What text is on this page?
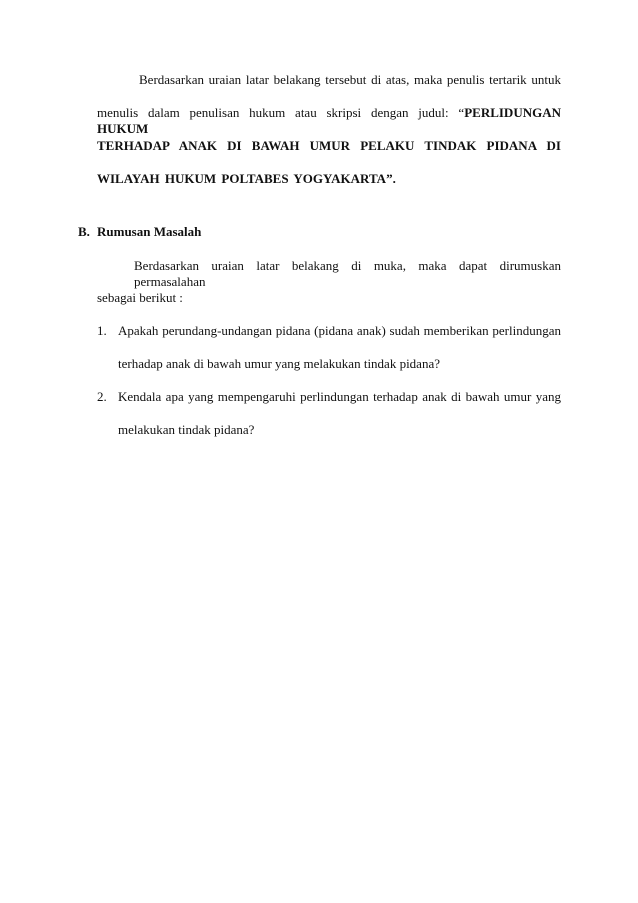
Berdasarkan uraian latar belakang tersebut di atas, maka penulis tertarik untuk
menulis dalam penulisan hukum atau skripsi dengan judul: “PERLIDUNGAN HUKUM
TERHADAP ANAK DI BAWAH UMUR PELAKU TINDAK PIDANA DI
WILAYAH HUKUM POLTABES YOGYAKARTA”.
B. Rumusan Masalah
Berdasarkan uraian latar belakang di muka, maka dapat dirumuskan permasalahan
sebagai berikut :
1. Apakah perundang-undangan pidana (pidana anak) sudah memberikan perlindungan
terhadap anak di bawah umur yang melakukan tindak pidana?
2. Kendala apa yang mempengaruhi perlindungan terhadap anak di bawah umur yang
melakukan tindak pidana?
